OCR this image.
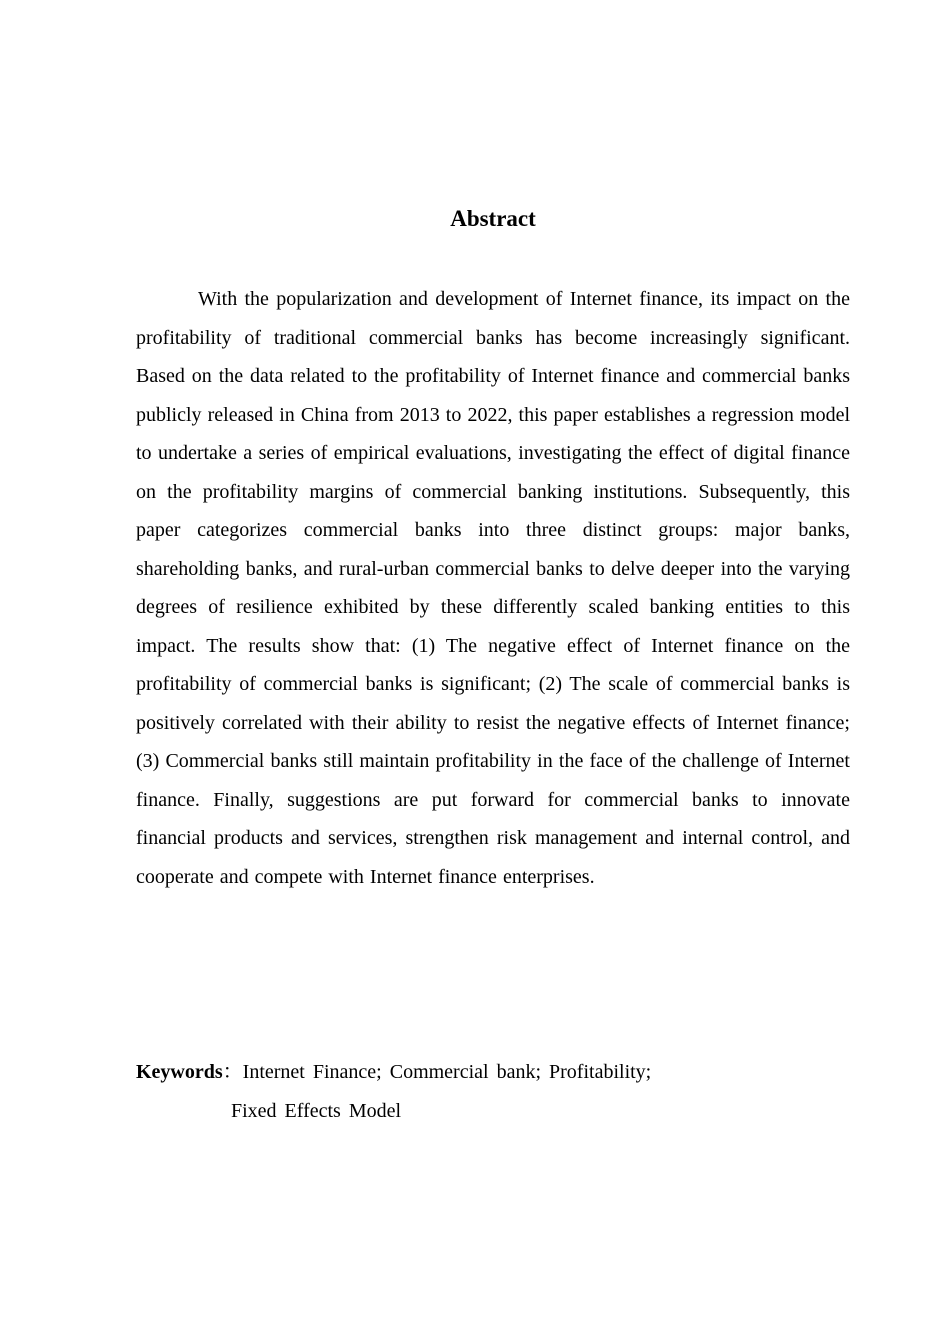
Abstract

With the popularization and development of Internet finance, its impact on the profitability of traditional commercial banks has become increasingly significant. Based on the data related to the profitability of Internet finance and commercial banks publicly released in China from 2013 to 2022, this paper establishes a regression model to undertake a series of empirical evaluations, investigating the effect of digital finance on the profitability margins of commercial banking institutions. Subsequently, this paper categorizes commercial banks into three distinct groups: major banks, shareholding banks, and rural-urban commercial banks to delve deeper into the varying degrees of resilience exhibited by these differently scaled banking entities to this impact. The results show that: (1) The negative effect of Internet finance on the profitability of commercial banks is significant; (2) The scale of commercial banks is positively correlated with their ability to resist the negative effects of Internet finance; (3) Commercial banks still maintain profitability in the face of the challenge of Internet finance. Finally, suggestions are put forward for commercial banks to innovate financial products and services, strengthen risk management and internal control, and cooperate and compete with Internet finance enterprises.

Keywords：Internet Finance; Commercial bank; Profitability;
Fixed Effects Model
